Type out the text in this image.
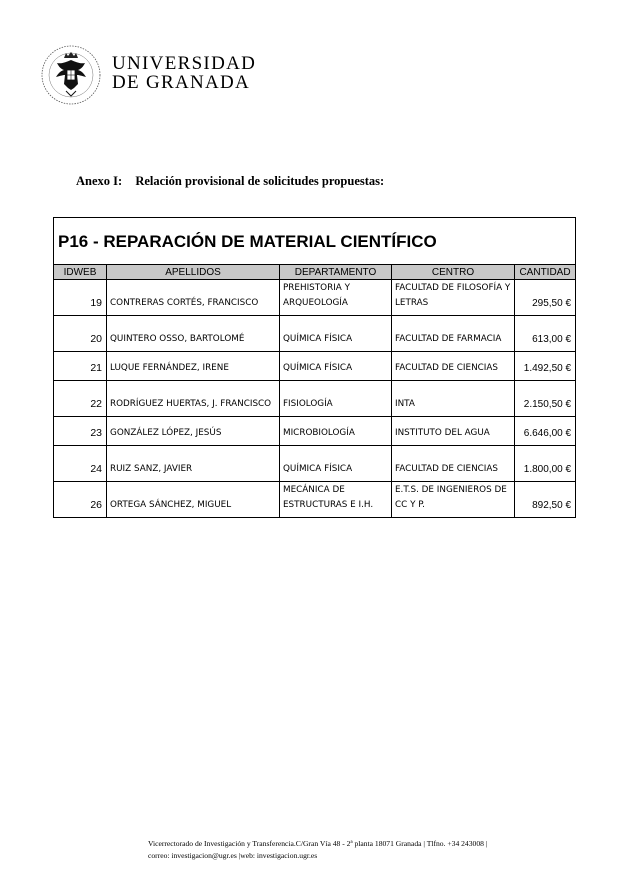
UNIVERSIDAD
DE GRANADA
Anexo I: Relación provisional de solicitudes propuestas:
P16 - REPARACIÓN DE MATERIAL CIENTÍFICO				
IDWEB	APELLIDOS	DEPARTAMENTO	CENTRO	CANTIDAD
19	CONTRERAS CORTÉS, FRANCISCO	PREHISTORIA Y ARQUEOLOGÍA	FACULTAD DE FILOSOFÍA Y LETRAS	295,50 €
20	QUINTERO OSSO, BARTOLOMÉ	QUÍMICA FÍSICA	FACULTAD DE FARMACIA	613,00 €
21	LUQUE FERNÁNDEZ, IRENE	QUÍMICA FÍSICA	FACULTAD DE CIENCIAS	1.492,50 €
22	RODRÍGUEZ HUERTAS, J. FRANCISCO	FISIOLOGÍA	INTA	2.150,50 €
23	GONZÁLEZ LÓPEZ, JESÚS	MICROBIOLOGÍA	INSTITUTO DEL AGUA	6.646,00 €
24	RUIZ SANZ, JAVIER	QUÍMICA FÍSICA	FACULTAD DE CIENCIAS	1.800,00 €
26	ORTEGA SÁNCHEZ, MIGUEL	MECÁNICA DE ESTRUCTURAS E I.H.	E.T.S. DE INGENIEROS DE CC Y P.	892,50 €
Vicerrectorado de Investigación y Transferencia.C/Gran Vía 48 - 2ª planta 18071 Granada | Tlfno. +34 243008 |
correo: investigacion@ugr.es |web: investigacion.ugr.es
